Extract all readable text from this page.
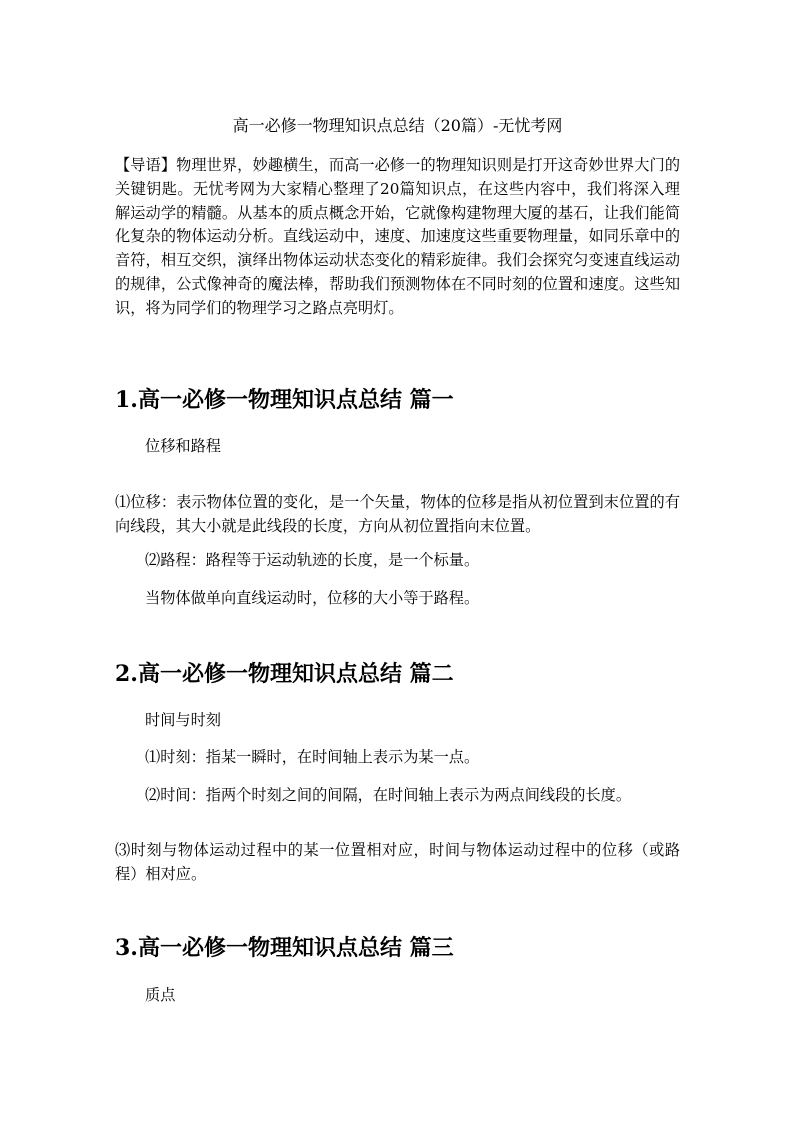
高一必修一物理知识点总结（20篇）-无忧考网

【导语】物理世界，妙趣横生，而高一必修一的物理知识则是打开这奇妙世界大门的关键钥匙。无忧考网为大家精心整理了20篇知识点，在这些内容中，我们将深入理解运动学的精髓。从基本的质点概念开始，它就像构建物理大厦的基石，让我们能简化复杂的物体运动分析。直线运动中，速度、加速度这些重要物理量，如同乐章中的音符，相互交织，演绎出物体运动状态变化的精彩旋律。我们会探究匀变速直线运动的规律，公式像神奇的魔法棒，帮助我们预测物体在不同时刻的位置和速度。这些知识，将为同学们的物理学习之路点亮明灯。

1.高一必修一物理知识点总结 篇一

位移和路程

⑴位移：表示物体位置的变化，是一个矢量，物体的位移是指从初位置到末位置的有向线段，其大小就是此线段的长度，方向从初位置指向末位置。

⑵路程：路程等于运动轨迹的长度，是一个标量。

当物体做单向直线运动时，位移的大小等于路程。

2.高一必修一物理知识点总结 篇二

时间与时刻

⑴时刻：指某一瞬时，在时间轴上表示为某一点。

⑵时间：指两个时刻之间的间隔，在时间轴上表示为两点间线段的长度。

⑶时刻与物体运动过程中的某一位置相对应，时间与物体运动过程中的位移（或路程）相对应。

3.高一必修一物理知识点总结 篇三

质点
